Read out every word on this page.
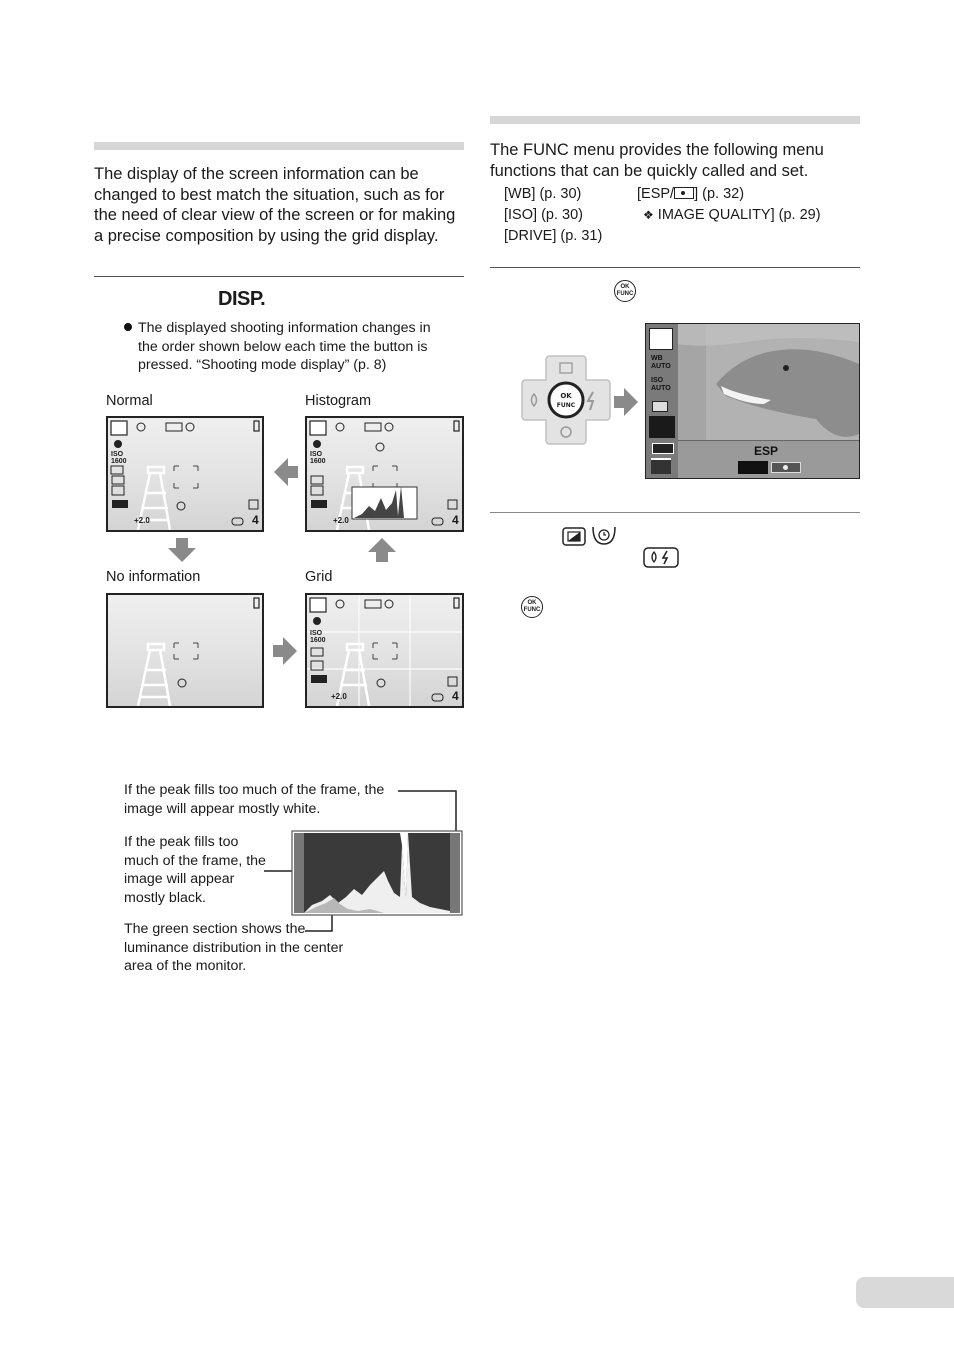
The display of the screen information can be changed to best match the situation, such as for the need of clear view of the screen or for making a precise composition by using the grid display.
DISP.
The displayed shooting information changes in the order shown below each time the button is pressed. “Shooting mode display” (p. 8)
Normal	Histogram
No information	Grid
ISO
1600
+2.0	4
ISO
1600
+2.0	4
ISO
1600
+2.0	4
If the peak fills too much of the frame, the image will appear mostly white.
If the peak fills too much of the frame, the image will appear mostly black.
The green section shows the luminance distribution in the center area of the monitor.
The FUNC menu provides the following menu functions that can be quickly called and set.
[WB] (p. 30)	[ESP/ ] (p. 32)
[ISO] (p. 30)	❖ IMAGE QUALITY] (p. 29)
[DRIVE] (p. 31)
OK
FUNC
OK
FUNC
WB
AUTO
ISO
AUTO
ESP
OK
FUNC
